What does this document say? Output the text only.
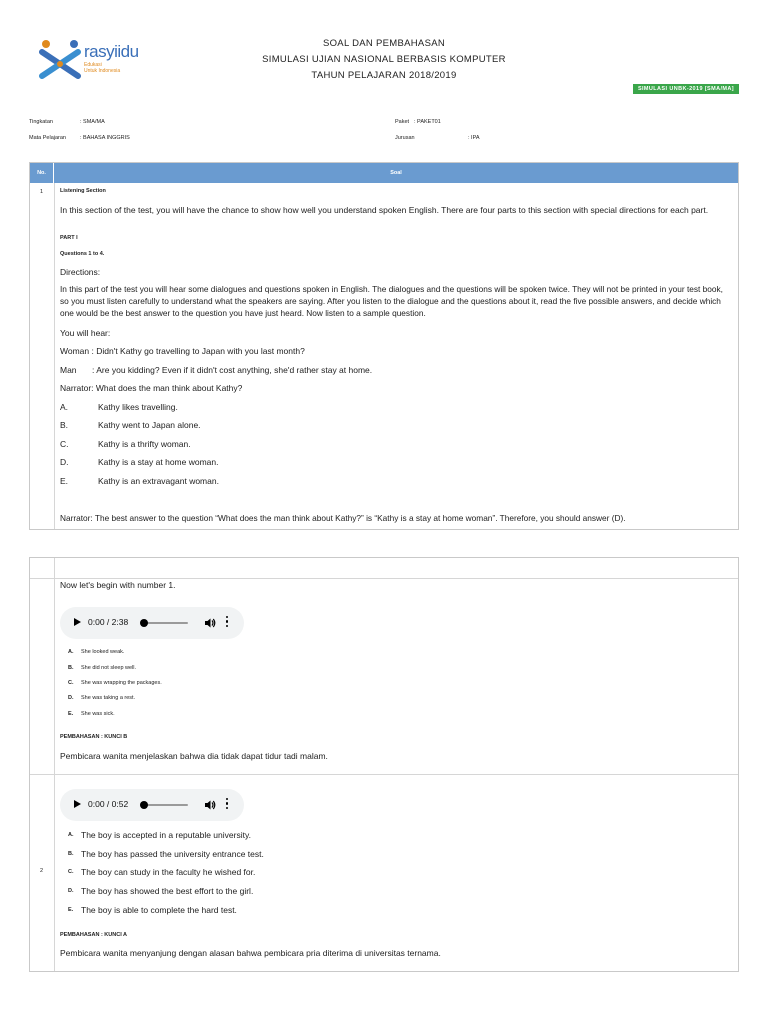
rasyiidu
Edukasi
Untuk Indonesia
SOAL DAN PEMBAHASAN
SIMULASI UJIAN NASIONAL BERBASIS KOMPUTER
TAHUN PELAJARAN 2018/2019
SIMULASI UNBK-2019 [SMA/MA]
Tingkatan	: SMA/MA
Mata Pelajaran	: BAHASA INGGRIS
Paket : PAKET01
Jurusan	: IPA
No.	Soal
1	Listening Section
In this section of the test, you will have the chance to show how well you understand spoken English. There are four parts to this section with special directions for each part.
PART I
Questions 1 to 4.
Directions:
In this part of the test you will hear some dialogues and questions spoken in English. The dialogues and the questions will be spoken twice. They will not be printed in your test book, so you must listen carefully to understand what the speakers are saying. After you listen to the dialogue and the questions about it, read the five possible answers, and decide which one would be the best answer to the question you have just heard. Now listen to a sample question.
You will hear:
Woman : Didn't Kathy go travelling to Japan with you last month?
Man	: Are you kidding? Even if it didn't cost anything, she'd rather stay at home.
Narrator: What does the man think about Kathy?
A.	Kathy likes travelling.
B.	Kathy went to Japan alone.
C.	Kathy is a thrifty woman.
D.	Kathy is a stay at home woman.
E.	Kathy is an extravagant woman.
Narrator: The best answer to the question “What does the man think about Kathy?” is “Kathy is a stay at home woman”. Therefore, you should answer (D).
Now let's begin with number 1.
0:00 / 2:38
A. She looked weak.
B. She did not sleep well.
C. She was wrapping the packages.
D. She was taking a rest.
E. She was sick.
PEMBAHASAN : KUNCI B
Pembicara wanita menjelaskan bahwa dia tidak dapat tidur tadi malam.
2
0:00 / 0:52
A. The boy is accepted in a reputable university.
B. The boy has passed the university entrance test.
C. The boy can study in the faculty he wished for.
D. The boy has showed the best effort to the girl.
E. The boy is able to complete the hard test.
PEMBAHASAN : KUNCI A
Pembicara wanita menyanjung dengan alasan bahwa pembicara pria diterima di universitas ternama.
